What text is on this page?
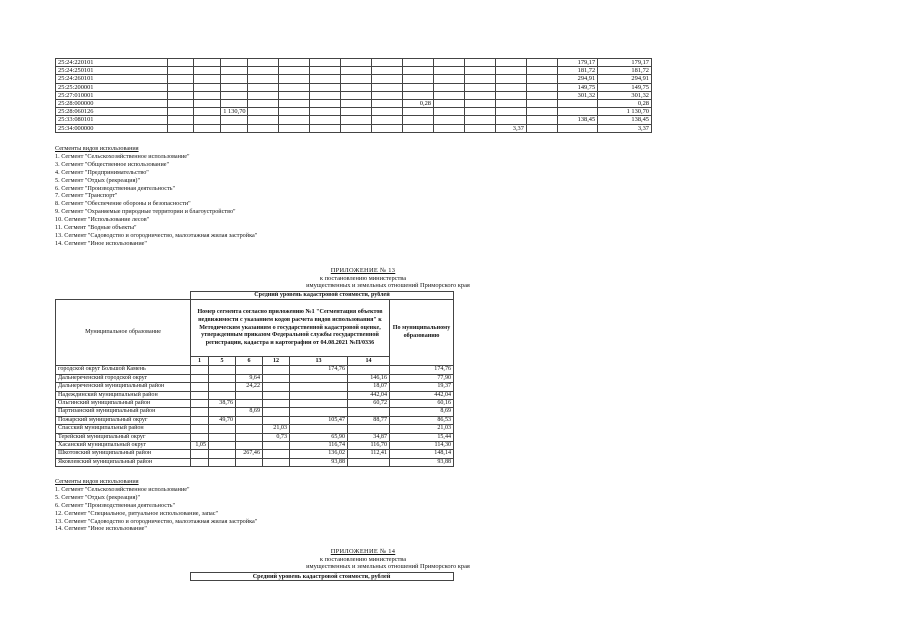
25:24:220101														179,17	179,17
25:24:250101														181,72	181,72
25:24:260101														294,91	294,91
25:25:200001														149,75	149,75
25:27:010001														301,32	301,32
25:28:000000									0,28						0,28
25:28:060126			1 130,70												1 130,70
25:33:080101														138,45	138,45
25:34:000000												3,37			3,37
Сегменты видов использования
1. Сегмент "Сельскохозяйственное использование"
3. Сегмент "Общественное использование"
4. Сегмент "Предпринимательство"
5. Сегмент "Отдых (рекреация)"
6. Сегмент "Производственная деятельность"
7. Сегмент "Транспорт"
8. Сегмент "Обеспечение обороны и безопасности"
9. Сегмент "Охраняемые природные территории и благоустройство"
10. Сегмент "Использование лесов"
11. Сегмент "Водные объекты"
13. Сегмент "Садоводство и огородничество, малоэтажная жилая застройка"
14. Сегмент "Иное использование"
ПРИЛОЖЕНИЕ № 13
к постановлению министерства
имущественных и земельных отношений Приморского края
	Средний уровень кадастровой стоимости, рублей						
Муниципальное образование	Номер сегмента согласно приложению №1 "Сегментация объектов недвижимости с указанием кодов расчета видов использования" к Методическим указаниям о государственной кадастровой оценке, утвержденным приказом Федеральной службы государственной регистрации, кадастра и картографии от 04.08.2021 №П/0336						По муниципальному образованию
	1	5	6	12	13	14	
городской округ Большой Камень					174,76		174,76
Дальнереченский городской округ			9,64			146,16	77,90
Дальнереченский муниципальный район			24,22			18,07	19,37
Надеждинский муниципальный район						442,04	442,04
Ольгинский муниципальный район		38,76				60,72	60,16
Партизанский муниципальный район			8,69				8,69
Пожарский муниципальный округ		49,70			105,47	88,77	86,53
Спасский муниципальный район				21,03			21,03
Терейский муниципальный округ				0,73	65,90	34,87	15,44
Хасанский муниципальный округ	1,05				116,74	116,70	114,30
Шкотовский муниципальный район			267,46		136,02	112,41	148,14
Яковлевский муниципальный район					93,88		93,88
Сегменты видов использования
1. Сегмент "Сельскохозяйственное использование"
5. Сегмент "Отдых (рекреация)"
6. Сегмент "Производственная деятельность"
12. Сегмент "Специальное, ритуальное использование, запас"
13. Сегмент "Садоводство и огородничество, малоэтажная жилая застройка"
14. Сегмент "Иное использование"
ПРИЛОЖЕНИЕ № 14
к постановлению министерства
имущественных и земельных отношений Приморского края
	Средний уровень кадастровой стоимости, рублей
